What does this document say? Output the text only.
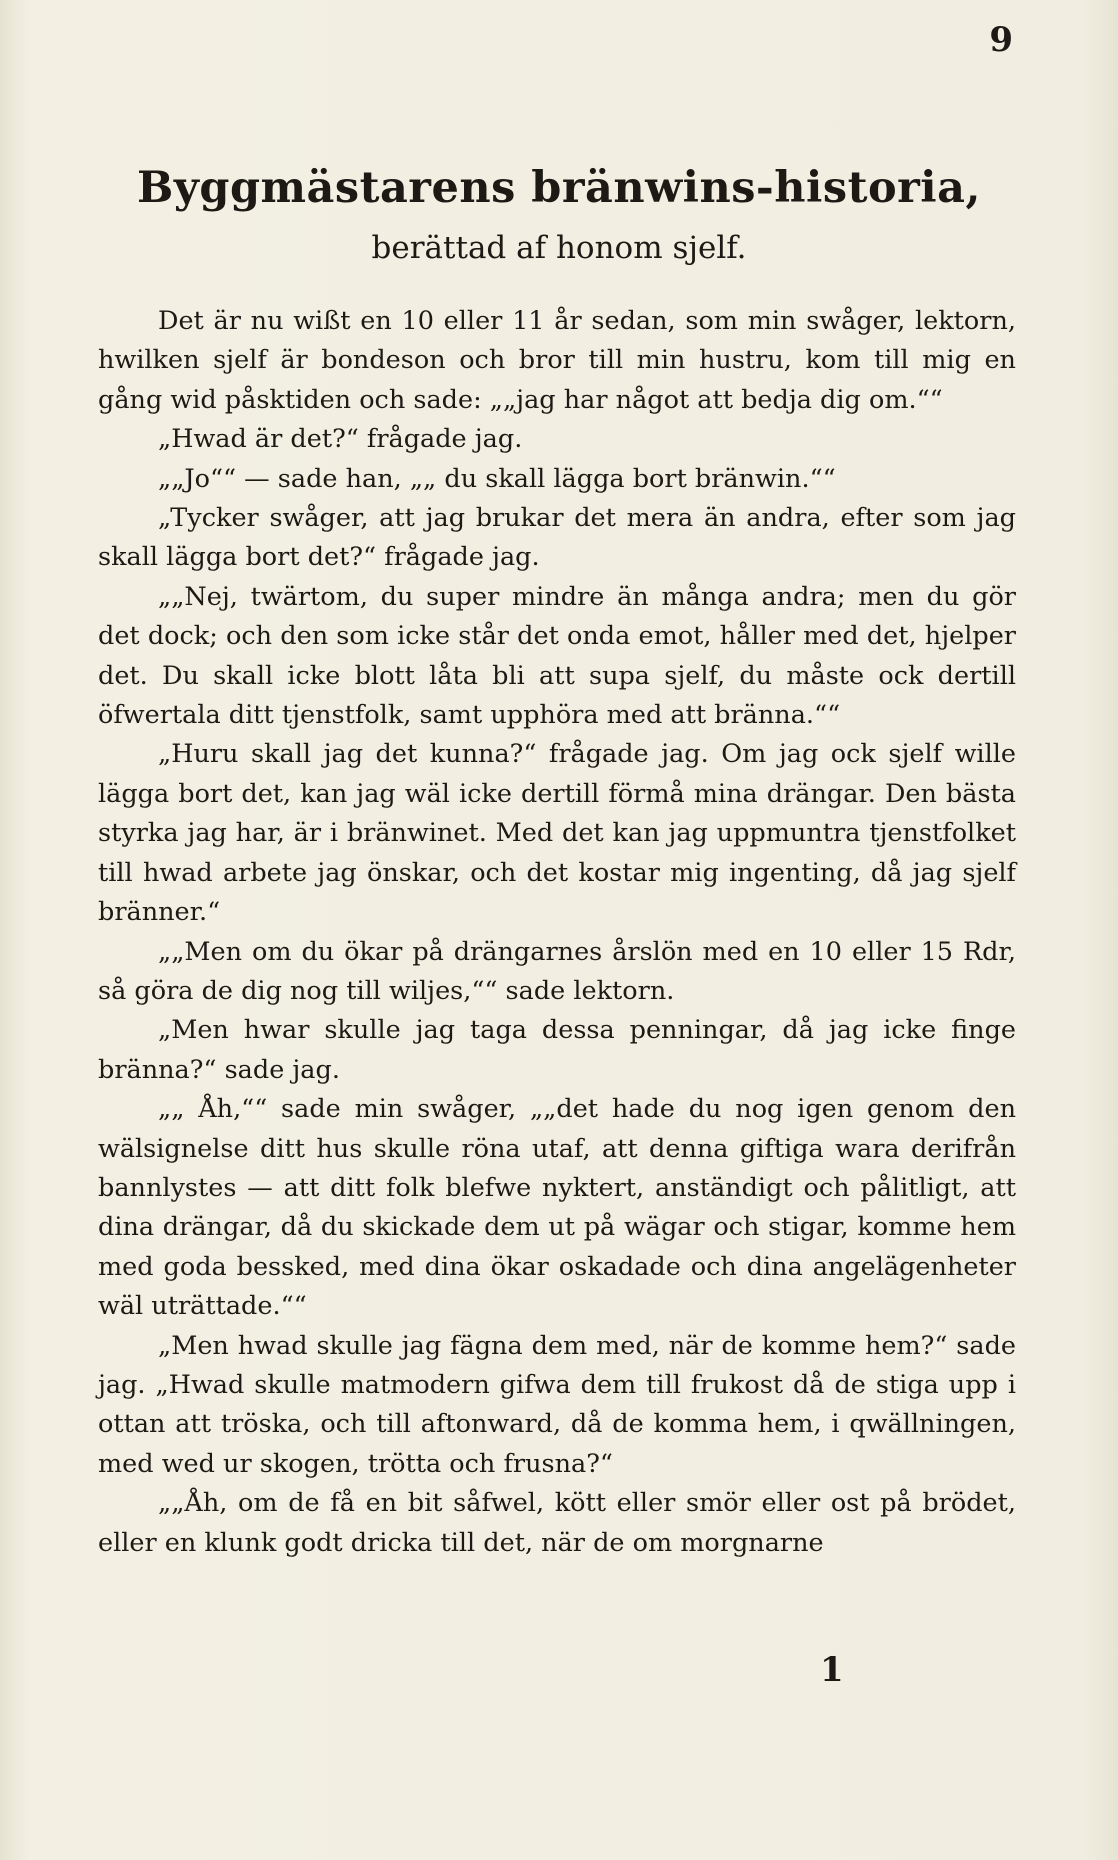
9
Byggmästarens bränwins-historia,
berättad af honom sjelf.

Det är nu wißt en 10 eller 11 år sedan, som min swåger, lektorn, hwilken sjelf är bondeson och bror till min hustru, kom till mig en gång wid påsktiden och sade: „„jag har något att bedja dig om.““

„Hwad är det?“ frågade jag.

„„Jo““ — sade han, „„ du skall lägga bort bränwin.““

„Tycker swåger, att jag brukar det mera än andra, efter som jag skall lägga bort det?“ frågade jag.

„„Nej, twärtom, du super mindre än många andra; men du gör det dock; och den som icke står det onda emot, håller med det, hjelper det. Du skall icke blott låta bli att supa sjelf, du måste ock dertill öfwertala ditt tjenstfolk, samt upphöra med att bränna.““

„Huru skall jag det kunna?“ frågade jag. Om jag ock sjelf wille lägga bort det, kan jag wäl icke dertill förmå mina drängar. Den bästa styrka jag har, är i bränwinet. Med det kan jag uppmuntra tjenstfolket till hwad arbete jag önskar, och det kostar mig ingenting, då jag sjelf bränner.“

„„Men om du ökar på drängarnes årslön med en 10 eller 15 Rdr, så göra de dig nog till wiljes,““ sade lektorn.

„Men hwar skulle jag taga dessa penningar, då jag icke finge bränna?“ sade jag.

„„ Åh,““ sade min swåger, „„det hade du nog igen genom den wälsignelse ditt hus skulle röna utaf, att denna giftiga wara derifrån bannlystes — att ditt folk blefwe nyktert, anständigt och pålitligt, att dina drängar, då du skickade dem ut på wägar och stigar, komme hem med goda bessked, med dina ökar oskadade och dina angelägenheter wäl uträttade.““

„Men hwad skulle jag fägna dem med, när de komme hem?“ sade jag. „Hwad skulle matmodern gifwa dem till frukost då de stiga upp i ottan att tröska, och till aftonward, då de komma hem, i qwällningen, med wed ur skogen, trötta och frusna?“

„„Åh, om de få en bit såfwel, kött eller smör eller ost på brödet, eller en klunk godt dricka till det, när de om morgnarne

1
